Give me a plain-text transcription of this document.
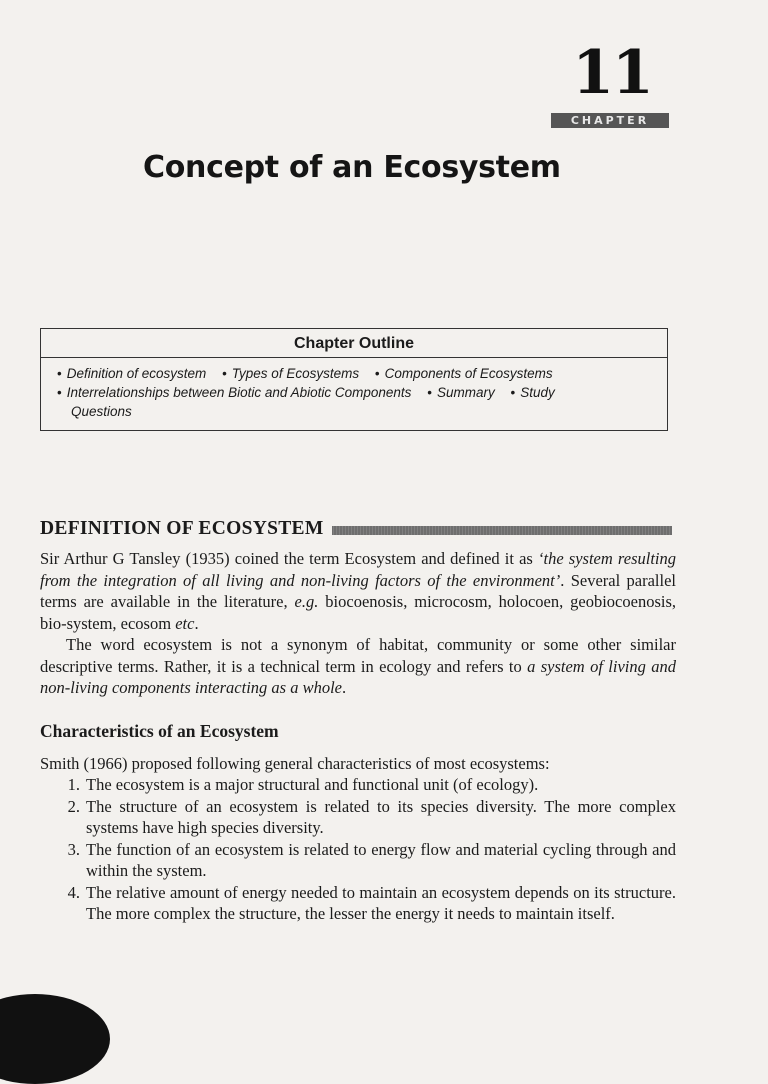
11
CHAPTER
Concept of an Ecosystem
Chapter Outline
• Definition of ecosystem • Types of Ecosystems • Components of Ecosystems
• Interrelationships between Biotic and Abiotic Components • Summary • Study
Questions
DEFINITION OF ECOSYSTEM
Sir Arthur G Tansley (1935) coined the term Ecosystem and defined it as ‘the system resulting from the integration of all living and non-living factors of the environment’. Several parallel terms are available in the literature, e.g. biocoenosis, microcosm, holocoen, geobiocoenosis, bio-system, ecosom etc.
The word ecosystem is not a synonym of habitat, community or some other similar descriptive terms. Rather, it is a technical term in ecology and refers to a system of living and non-living components interacting as a whole.
Characteristics of an Ecosystem
Smith (1966) proposed following general characteristics of most ecosystems:
1. The ecosystem is a major structural and functional unit (of ecology).
2. The structure of an ecosystem is related to its species diversity. The more complex systems have high species diversity.
3. The function of an ecosystem is related to energy flow and material cycling through and within the system.
4. The relative amount of energy needed to maintain an ecosystem depends on its structure. The more complex the structure, the lesser the energy it needs to maintain itself.
